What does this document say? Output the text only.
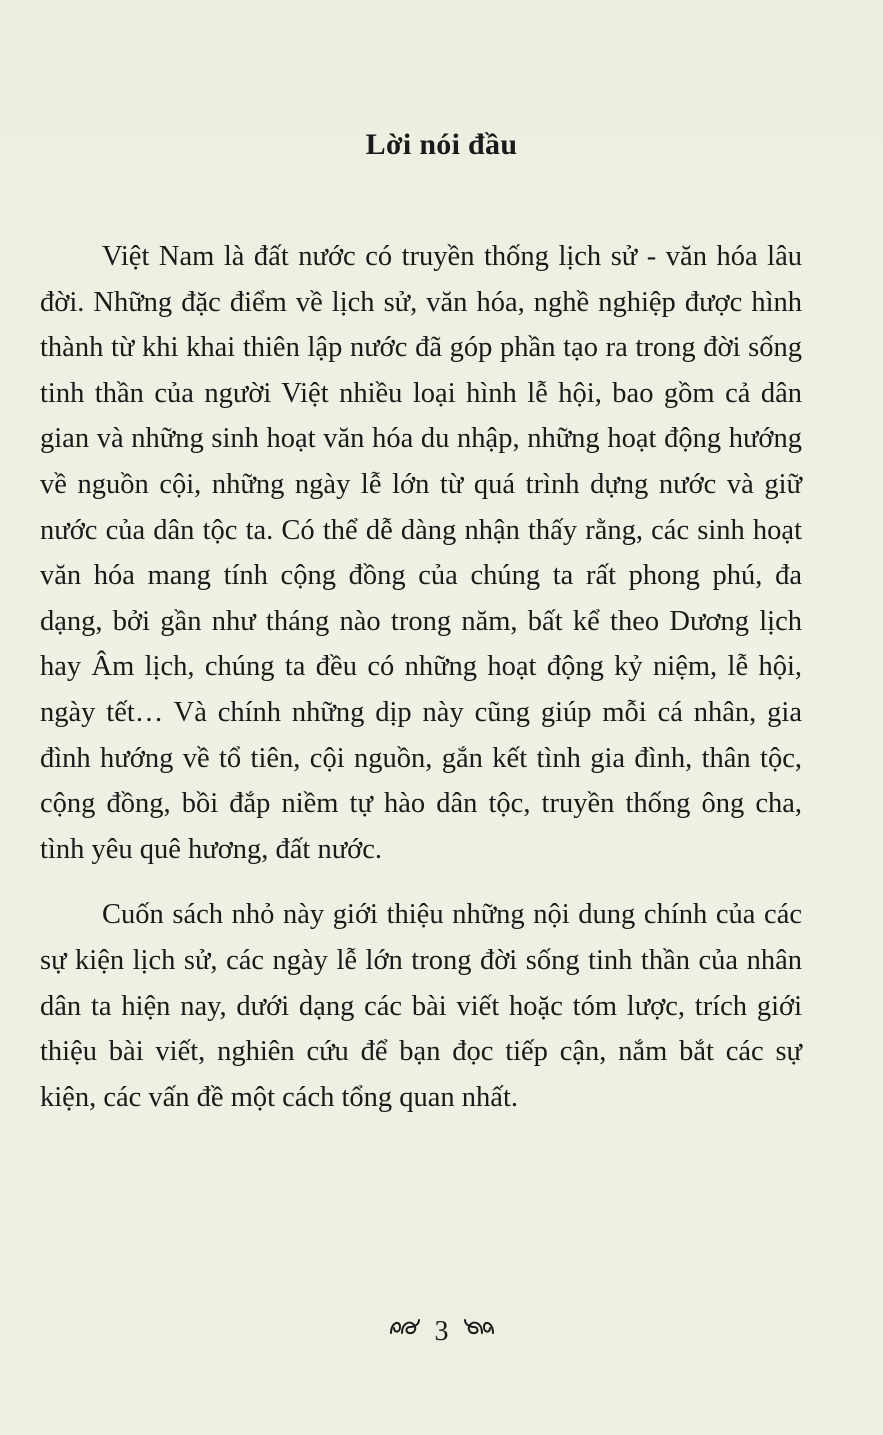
Lời nói đầu

Việt Nam là đất nước có truyền thống lịch sử - văn hóa lâu đời. Những đặc điểm về lịch sử, văn hóa, nghề nghiệp được hình thành từ khi khai thiên lập nước đã góp phần tạo ra trong đời sống tinh thần của người Việt nhiều loại hình lễ hội, bao gồm cả dân gian và những sinh hoạt văn hóa du nhập, những hoạt động hướng về nguồn cội, những ngày lễ lớn từ quá trình dựng nước và giữ nước của dân tộc ta. Có thể dễ dàng nhận thấy rằng, các sinh hoạt văn hóa mang tính cộng đồng của chúng ta rất phong phú, đa dạng, bởi gần như tháng nào trong năm, bất kể theo Dương lịch hay Âm lịch, chúng ta đều có những hoạt động kỷ niệm, lễ hội, ngày tết… Và chính những dịp này cũng giúp mỗi cá nhân, gia đình hướng về tổ tiên, cội nguồn, gắn kết tình gia đình, thân tộc, cộng đồng, bồi đắp niềm tự hào dân tộc, truyền thống ông cha, tình yêu quê hương, đất nước.

Cuốn sách nhỏ này giới thiệu những nội dung chính của các sự kiện lịch sử, các ngày lễ lớn trong đời sống tinh thần của nhân dân ta hiện nay, dưới dạng các bài viết hoặc tóm lược, trích giới thiệu bài viết, nghiên cứu để bạn đọc tiếp cận, nắm bắt các sự kiện, các vấn đề một cách tổng quan nhất.

3
